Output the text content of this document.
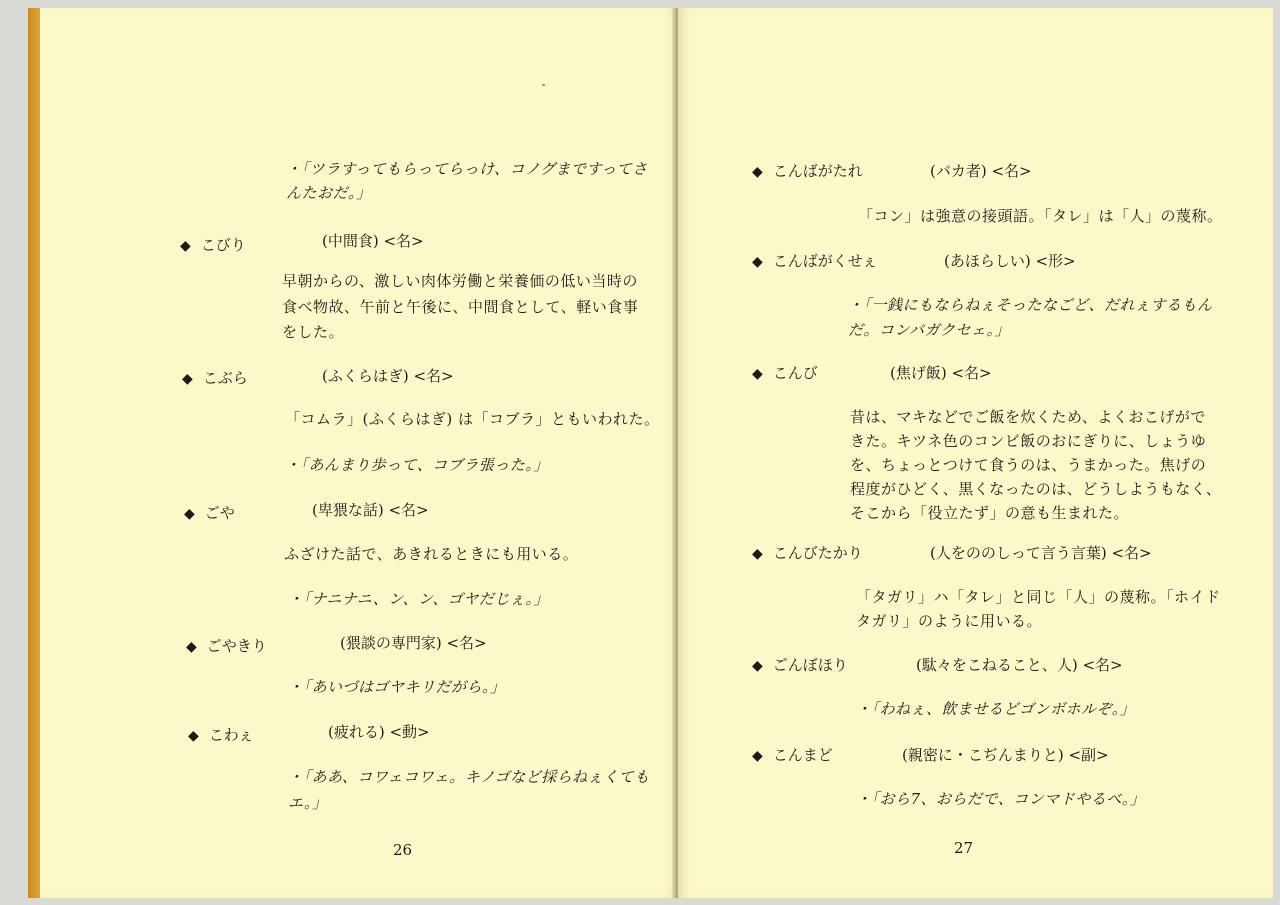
・「ツラすってもらってらっけ、コノグまですってさ
んたおだ。」
◆ こびり	(中間食) <名>
早朝からの、激しい肉体労働と栄養価の低い当時の
食べ物故、午前と午後に、中間食として、軽い食事
をした。
◆ こぶら	(ふくらはぎ) <名>
「コムラ」(ふくらはぎ) は「コブラ」ともいわれた。
・「あんまり歩って、コブラ張った。」
◆ ごや	(卑猥な話) <名>
ふざけた話で、あきれるときにも用いる。
・「ナニナニ、ン、ン、ゴヤだじぇ。」
◆ ごやきり	(猥談の専門家) <名>
・「あいづはゴヤキリだがら。」
◆ こわぇ	(疲れる) <動>
・「ああ、コワェコワェ。キノゴなど採らねぇくても
エ。」
26
◆ こんばがたれ	(バカ者) <名>
「コン」は強意の接頭語。「タレ」は「人」の蔑称。
◆ こんばがくせぇ	(あほらしい) <形>
・「一銭にもならねぇそったなごど、だれぇするもん
だ。コンバガクセェ。」
◆ こんび	(焦げ飯) <名>
昔は、マキなどでご飯を炊くため、よくおこげがで
きた。キツネ色のコンビ飯のおにぎりに、しょうゆ
を、ちょっとつけて食うのは、うまかった。焦げの
程度がひどく、黒くなったのは、どうしようもなく、
そこから「役立たず」の意も生まれた。
◆ こんびたかり	(人をののしって言う言葉) <名>
「タガリ」ハ「タレ」と同じ「人」の蔑称。「ホイド
タガリ」のように用いる。
◆ ごんぼほり	(駄々をこねること、人) <名>
・「わねぇ、飲ませるどゴンボホルぞ。」
◆ こんまど	(親密に・こぢんまりと) <副>
・「おら7、おらだで、コンマドやるべ。」
27
